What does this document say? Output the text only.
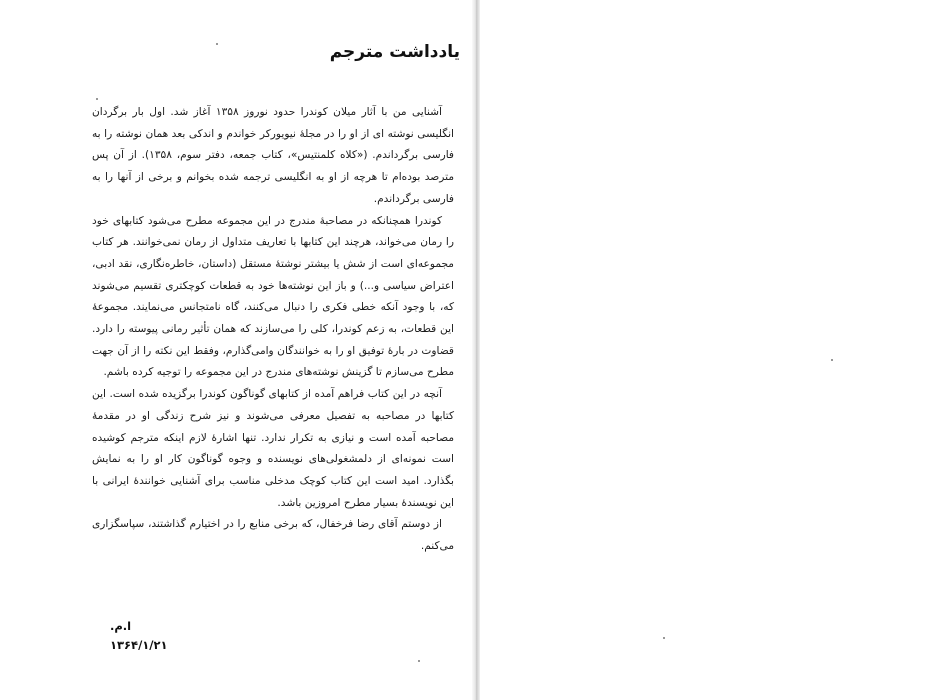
یادداشت مترجم

آشنایی من با آثار میلان کوندرا حدود نوروز ۱۳۵۸ آغاز شد. اول بار برگردان انگلیسی نوشته ای از او را در مجلهٔ نیویورکر خواندم و اندکی بعد همان نوشته را به فارسی برگرداندم. («کلاه کلمنتیس»، کتاب جمعه، دفتر سوم، ۱۳۵۸). از آن پس مترصد بوده‌ام تا هرچه از او به انگلیسی ترجمه شده بخوانم و برخی از آنها را به فارسی برگرداندم.

کوندرا همچنانکه در مصاحبهٔ مندرج در این مجموعه مطرح می‌شود کتابهای خود را رمان می‌خواند، هرچند این کتابها با تعاریف متداول از رمان نمی‌خوانند. هر کتاب مجموعه‌ای است از شش یا بیشتر نوشتهٔ مستقل (داستان، خاطره‌نگاری، نقد ادبی، اعتراض سیاسی و...) و باز این نوشته‌ها خود به قطعات کوچکتری تقسیم می‌شوند که، با وجود آنکه خطی فکری را دنبال می‌کنند، گاه نامتجانس می‌نمایند. مجموعهٔ این قطعات، به زعم کوندرا، کلی را می‌سازند که همان تأثیر رمانی پیوسته را دارد. قضاوت در بارهٔ توفیق او را به خوانندگان وامی‌گذارم، وفقط این نکته را از آن جهت مطرح می‌سازم تا گزینش نوشته‌های مندرج در این مجموعه را توجیه کرده باشم.

آنچه در این کتاب فراهم آمده از کتابهای گوناگون کوندرا برگزیده شده است. این کتابها در مصاحبه به تفصیل معرفی می‌شوند و نیز شرح زندگی او در مقدمهٔ مصاحبه آمده است و نیازی به تکرار ندارد. تنها اشارهٔ لازم اینکه مترجم کوشیده است نمونه‌ای از دلمشغولی‌های نویسنده و وجوه گوناگون کار او را به نمایش بگذارد. امید است این کتاب کوچک مدخلی مناسب برای آشنایی خوانندهٔ ایرانی با این نویسندهٔ بسیار مطرح امروزین باشد.

از دوستم آقای رضا فرخفال، که برخی منابع را در اختیارم گذاشتند، سپاسگزاری می‌کنم.

ا.م.
۱۳۶۴/۱/۲۱
